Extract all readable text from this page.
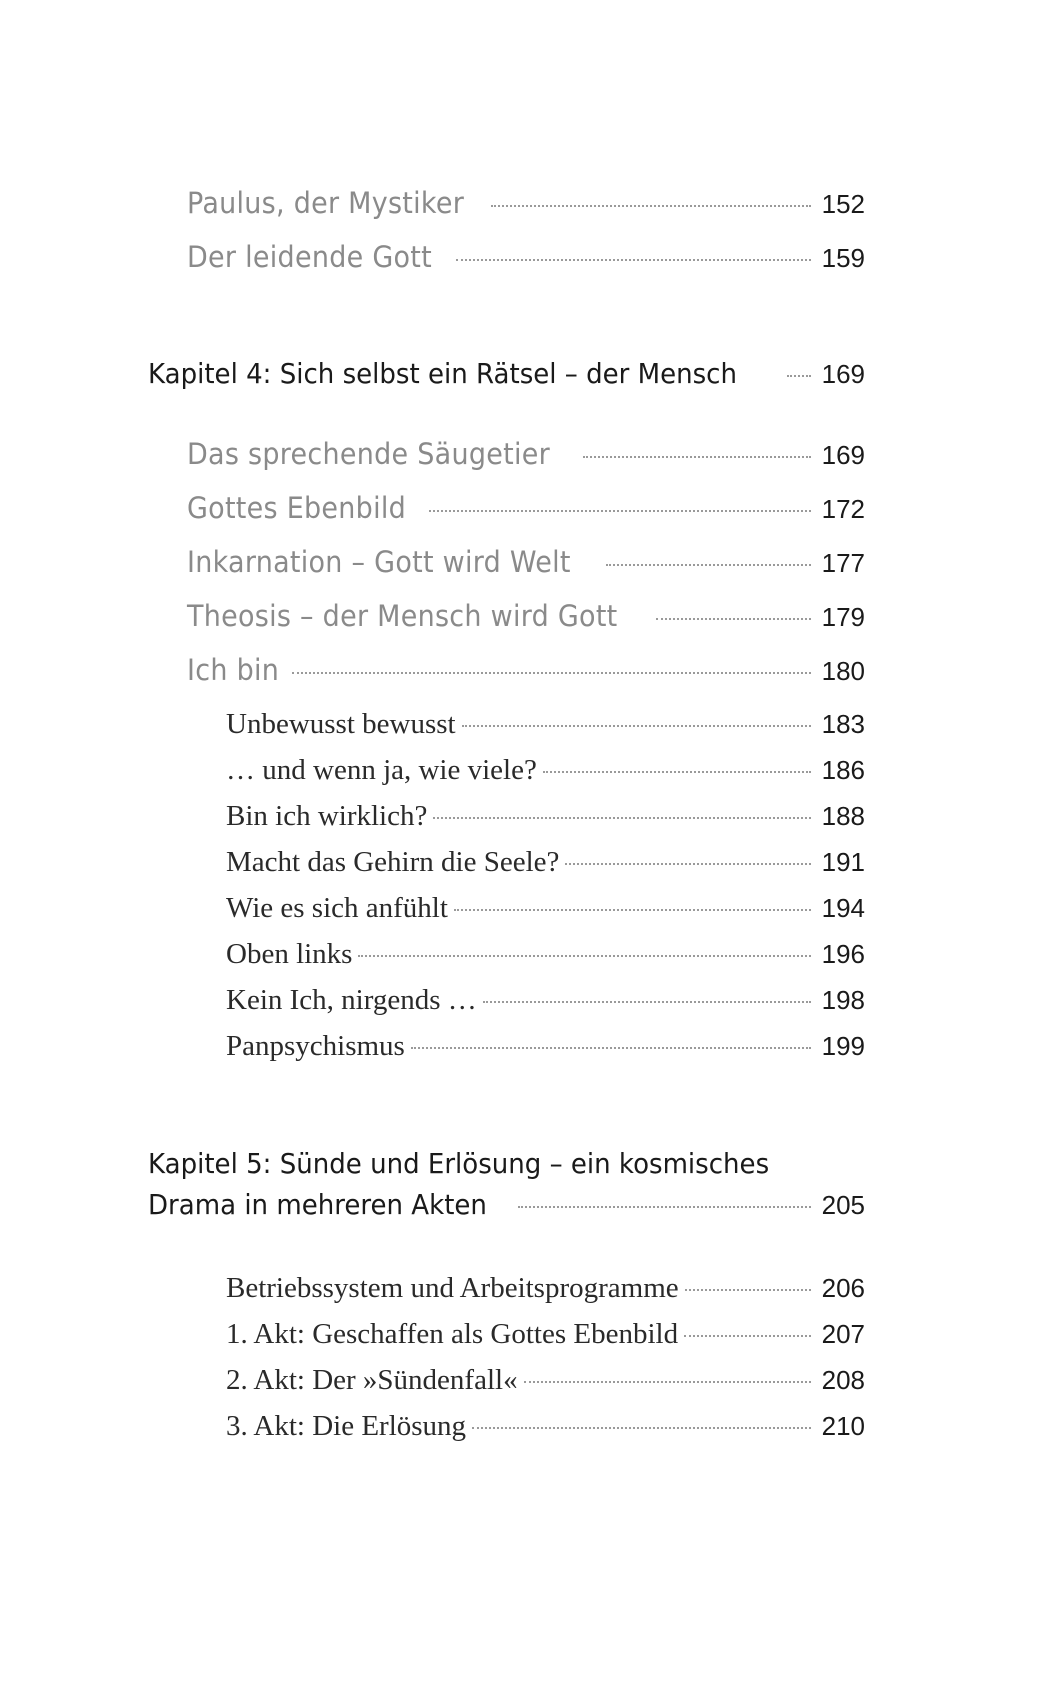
Paulus, der Mystiker	152
Der leidende Gott	159
Kapitel 4: Sich selbst ein Rätsel – der Mensch	169
Das sprechende Säugetier	169
Gottes Ebenbild	172
Inkarnation – Gott wird Welt	177
Theosis – der Mensch wird Gott	179
Ich bin	180
Unbewusst bewusst	183
… und wenn ja, wie viele?	186
Bin ich wirklich?	188
Macht das Gehirn die Seele?	191
Wie es sich anfühlt	194
Oben links	196
Kein Ich, nirgends …	198
Panpsychismus	199
Kapitel 5: Sünde und Erlösung – ein kosmisches
Drama in mehreren Akten	205
Betriebssystem und Arbeitsprogramme	206
1. Akt: Geschaffen als Gottes Ebenbild	207
2. Akt: Der »Sündenfall«	208
3. Akt: Die Erlösung	210
